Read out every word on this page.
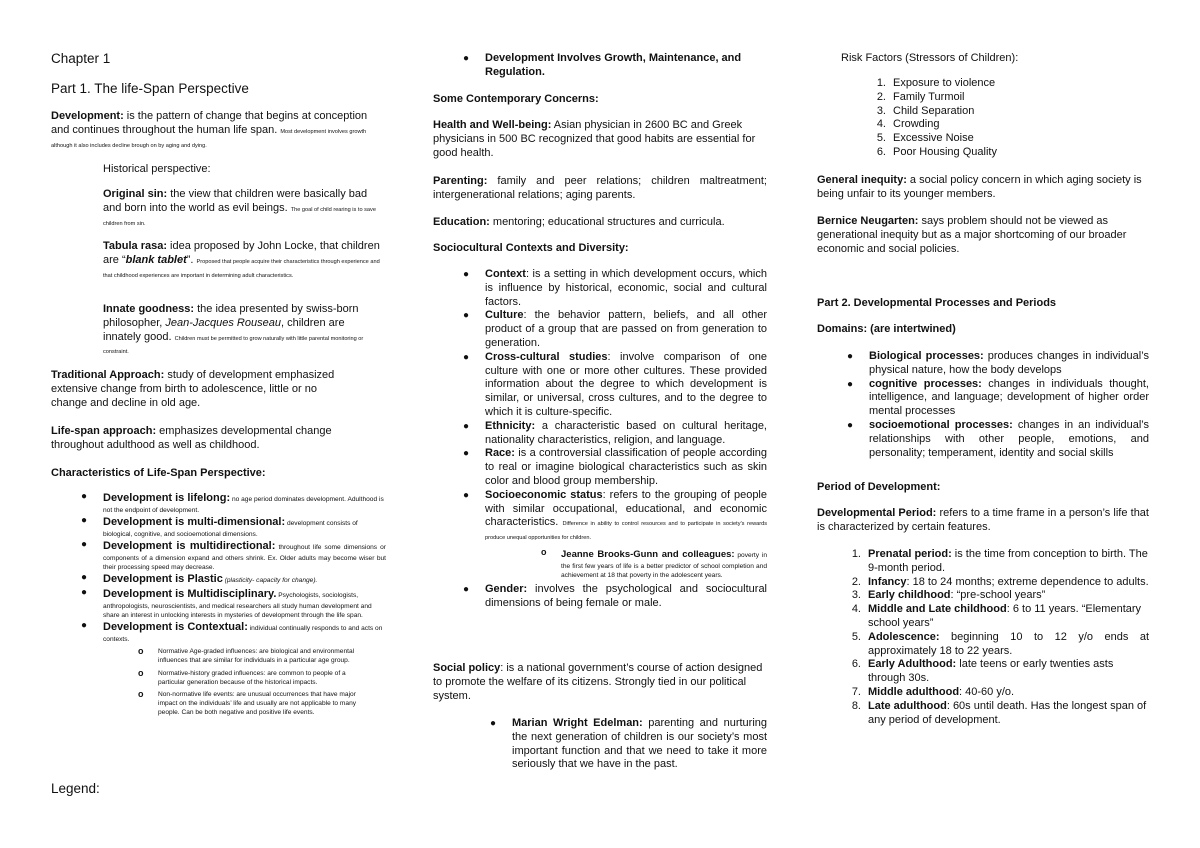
Chapter 1
Part 1. The life-Span Perspective

Development: is the pattern of change that begins at conception and continues throughout the human life span. Most development involves growth although it also includes decline brough on by aging and dying.

Historical perspective:

Original sin: the view that children were basically bad and born into the world as evil beings. The goal of child rearing is to save children from sin.

Tabula rasa: idea proposed by John Locke, that children are “blank tablet”. Proposed that people acquire their characteristics through experience and that childhood experiences are important in determining adult characteristics.

Innate goodness: the idea presented by swiss-born philosopher, Jean-Jacques Rouseau, children are innately good. Children must be permitted to grow naturally with little parental monitoring or constraint.

Traditional Approach: study of development emphasized extensive change from birth to adolescence, little or no change and decline in old age.

Life-span approach: emphasizes developmental change throughout adulthood as well as childhood.

Characteristics of Life-Span Perspective:
● Development is lifelong: no age period dominates development. Adulthood is not the endpoint of development.
● Development is multi-dimensional: development consists of biological, cognitive, and socioemotional dimensions.
● Development is multidirectional: throughout life some dimensions or components of a dimension expand and others shrink. Ex. Older adults may become wiser but their processing speed may decrease.
● Development is Plastic (plasticity- capacity for change).
● Development is Multidisciplinary. Psychologists, sociologists, anthropologists, neuroscientists, and medical researchers all study human development and share an interest in unlocking interests in mysteries of development through the life span.
● Development is Contextual: individual continually responds to and acts on contexts.
o Normative Age-graded influences: are biological and environmental influences that are similar for individuals in a particular age group.
o Normative-history graded influences: are common to people of a particular generation because of the historical impacts.
o Non-normative life events: are unusual occurrences that have major impact on the individuals’ life and usually are not applicable to many people. Can be both negative and positive life events.
Legend:

● Development Involves Growth, Maintenance, and Regulation.

Some Contemporary Concerns:

Health and Well-being: Asian physician in 2600 BC and Greek physicians in 500 BC recognized that good habits are essential for good health.

Parenting: family and peer relations; children maltreatment; intergenerational relations; aging parents.

Education: mentoring; educational structures and curricula.

Sociocultural Contexts and Diversity:
● Context: is a setting in which development occurs, which is influence by historical, economic, social and cultural factors.
● Culture: the behavior pattern, beliefs, and all other product of a group that are passed on from generation to generation.
● Cross-cultural studies: involve comparison of one culture with one or more other cultures. These provided information about the degree to which development is similar, or universal, cross cultures, and to the degree to which it is culture-specific.
● Ethnicity: a characteristic based on cultural heritage, nationality characteristics, religion, and language.
● Race: is a controversial classification of people according to real or imagine biological characteristics such as skin color and blood group membership.
● Socioeconomic status: refers to the grouping of people with similar occupational, educational, and economic characteristics. Difference in ability to control resources and to participate in society’s rewards produce unequal opportunities for children.
o Jeanne Brooks-Gunn and colleagues: poverty in the first few years of life is a better predictor of school completion and achievement at 18 that poverty in the adolescent years.
● Gender: involves the psychological and sociocultural dimensions of being female or male.

Social policy: is a national government’s course of action designed to promote the welfare of its citizens. Strongly tied in our political system.

● Marian Wright Edelman: parenting and nurturing the next generation of children is our society’s most important function and that we need to take it more seriously that we have in the past.

Risk Factors (Stressors of Children):
1. Exposure to violence
2. Family Turmoil
3. Child Separation
4. Crowding
5. Excessive Noise
6. Poor Housing Quality

General inequity: a social policy concern in which aging society is being unfair to its younger members.

Bernice Neugarten: says problem should not be viewed as generational inequity but as a major shortcoming of our broader economic and social policies.

Part 2. Developmental Processes and Periods
Domains: (are intertwined)
● Biological processes: produces changes in individual’s physical nature, how the body develops
● cognitive processes: changes in individuals thought, intelligence, and language; development of higher order mental processes
● socioemotional processes: changes in an individual’s relationships with other people, emotions, and personality; temperament, identity and social skills
Period of Development:

Developmental Period: refers to a time frame in a person’s life that is characterized by certain features.

1. Prenatal period: is the time from conception to birth. The 9-month period.
2. Infancy: 18 to 24 months; extreme dependence to adults.
3. Early childhood: “pre-school years”
4. Middle and Late childhood: 6 to 11 years. “Elementary school years”
5. Adolescence: beginning 10 to 12 y/o ends at approximately 18 to 22 years.
6. Early Adulthood: late teens or early twenties asts through 30s.
7. Middle adulthood: 40-60 y/o.
8. Late adulthood: 60s until death. Has the longest span of any period of development.
